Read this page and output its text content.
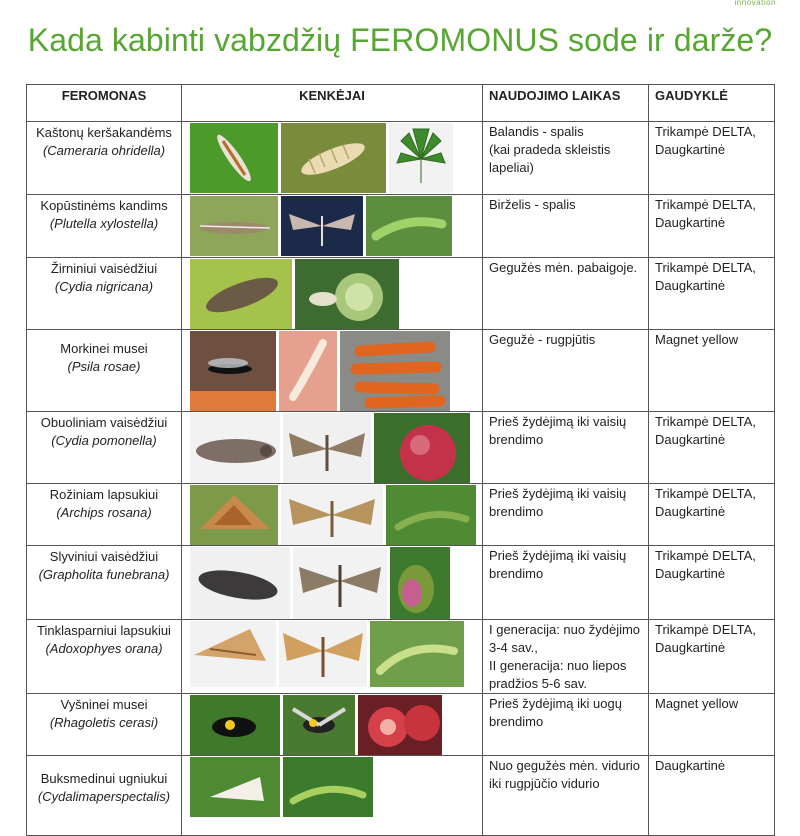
innovation
Kada kabinti vabzdžių FEROMONUS sode ir darže?
FEROMONAS	KENKĖJAI	NAUDOJIMO LAIKAS	GAUDYKLĖ
Kaštonų keršakandėms
(Cameraria ohridella)		Balandis - spalis
(kai pradeda skleistis lapeliai)	Trikampė DELTA, Daugkartinė

Kopūstinėms kandims
(Plutella xylostella)		Birželis - spalis	Trikampė DELTA, Daugkartinė

Žirniniui vaisėdžiui
(Cydia nigricana)		Gegužės mėn. pabaigoje.	Trikampė DELTA, Daugkartinė

Morkinei musei
(Psila rosae)		Gegužė - rugpjūtis	Magnet yellow

Obuoliniam vaisėdžiui
(Cydia pomonella)		Prieš žydėjimą iki vaisių brendimo	Trikampė DELTA, Daugkartinė

Rožiniam lapsukiui
(Archips rosana)		Prieš žydėjimą iki vaisių brendimo	Trikampė DELTA, Daugkartinė

Slyviniui vaisėdžiui
(Grapholita funebrana)		Prieš žydėjimą iki vaisių brendimo	Trikampė DELTA, Daugkartinė

Tinklasparniui lapsukiui
(Adoxophyes orana)		I generacija: nuo žydėjimo 3-4 sav.,
II generacija: nuo liepos pradžios 5-6 sav.	Trikampė DELTA, Daugkartinė

Vyšninei musei
(Rhagoletis cerasi)		Prieš žydėjimą iki uogų brendimo	Magnet yellow

Buksmedinui ugniukui
(Cydalimaperspectalis)		Nuo gegužės mėn. vidurio iki rugpjūčio vidurio	Daugkartinė
